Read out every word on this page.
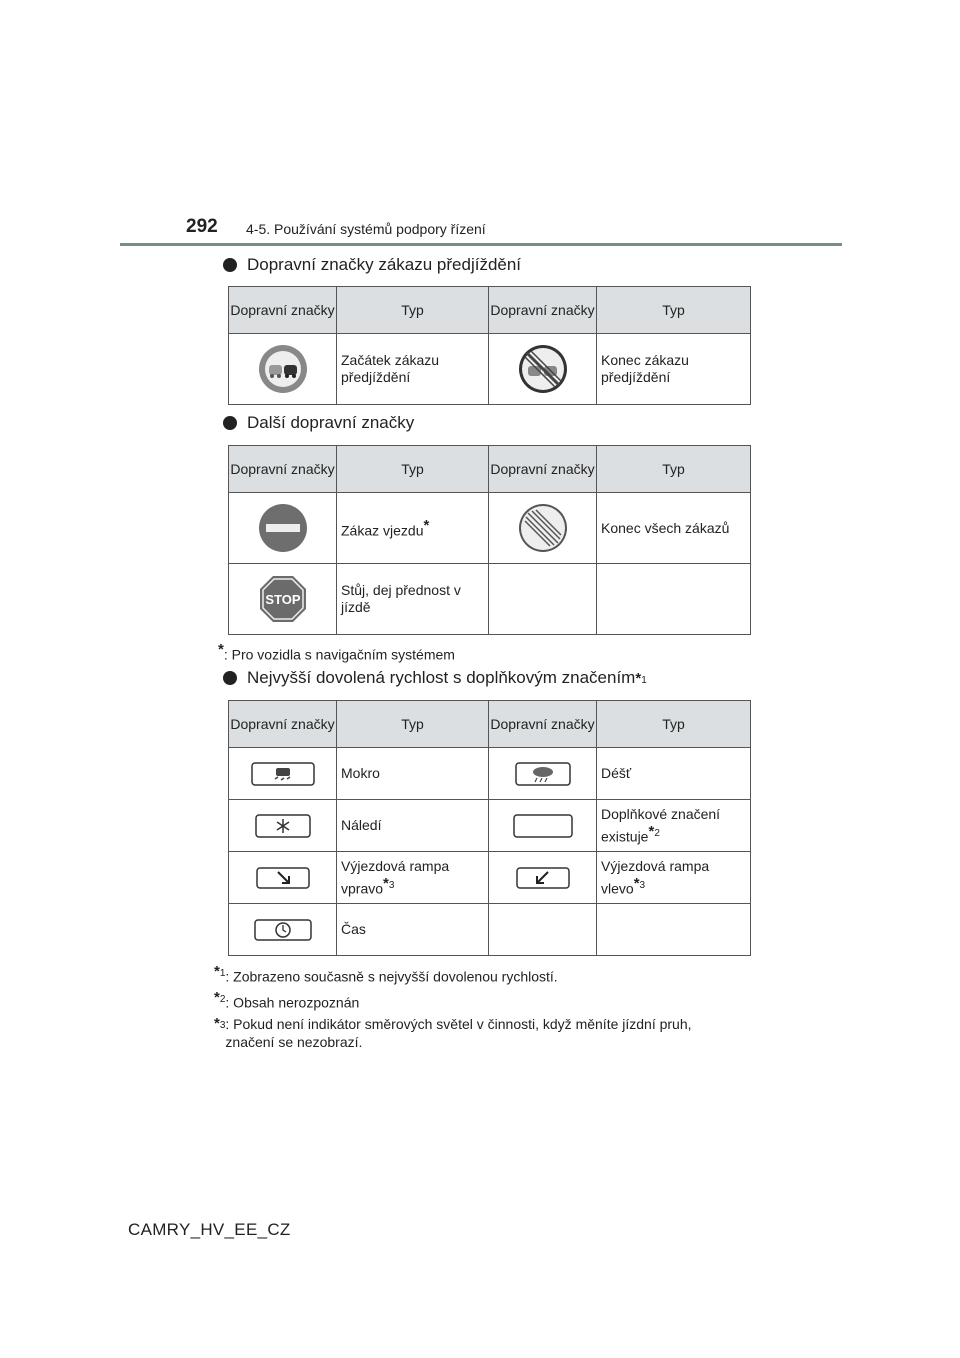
292 4-5. Používání systémů podpory řízení
Dopravní značky zákazu předjíždění
Dopravní značky	Typ	Dopravní značky	Typ

	Začátek zákazu předjíždění		Konec zákazu předjíždění
Další dopravní značky
Dopravní značky	Typ	Dopravní značky	Typ

	Zákaz vjezdu*		Konec všech zákazů

STOP	Stůj, dej přednost v jízdě		
*: Pro vozidla s navigačním systémem
Nejvyšší dovolená rychlost s doplňkovým značením *1
Dopravní značky	Typ	Dopravní značky	Typ

	Mokro		Déšť

	Náledí		Doplňkové značení existuje$^{*2}$

	Výjezdová rampa vpravo$^{*3}$		Výjezdová rampa vlevo$^{*3}$

	Čas		
$^{*1}$: Zobrazeno současně s nejvyšší dovolenou rychlostí.
$^{*2}$: Obsah nerozpoznán
*3 : Pokud není indikátor směrových světel v činnosti, když měníte jízdní pruh, značení se nezobrazí.
CAMRY_HV_EE_CZ
